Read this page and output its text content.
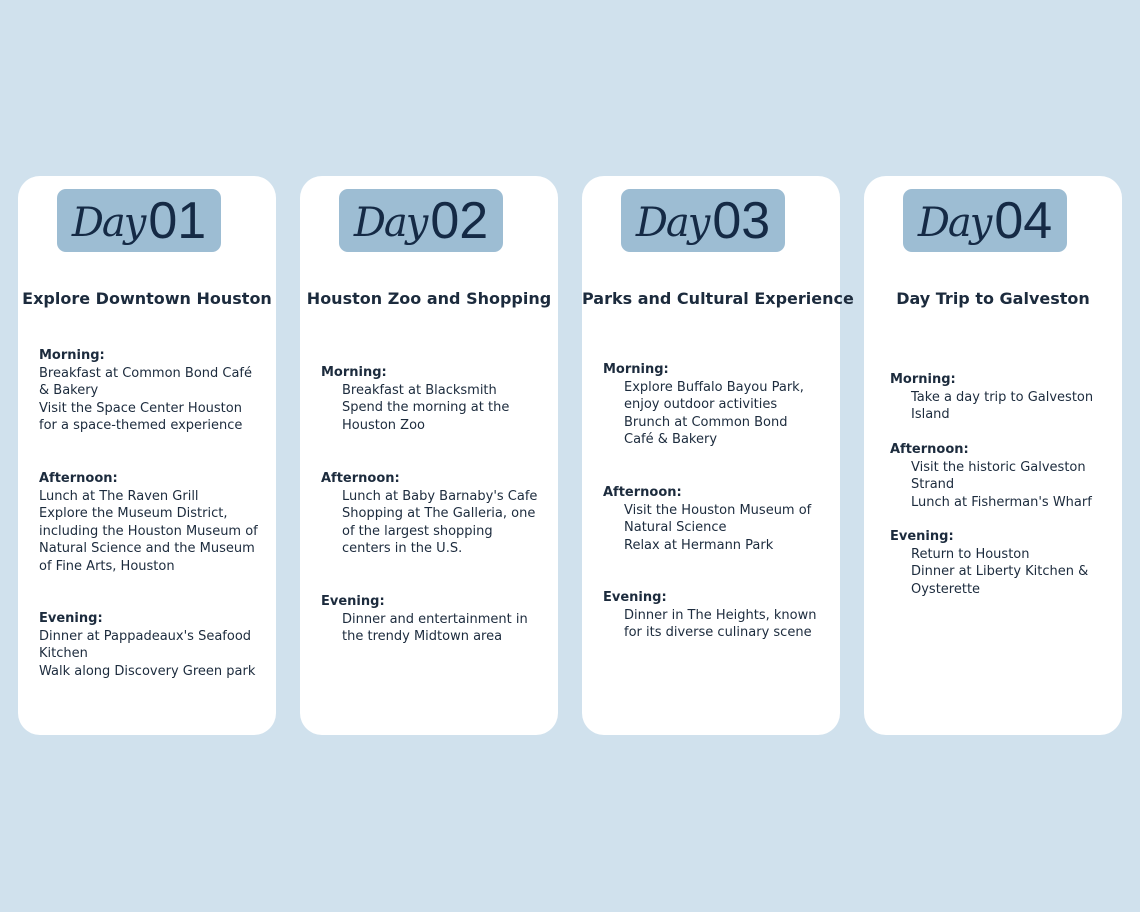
Day 01
Explore Downtown Houston
Morning:

Breakfast at Common Bond Café & Bakery

Visit the Space Center Houston for a space-themed experience

Afternoon:

Lunch at The Raven Grill

Explore the Museum District, including the Houston Museum of Natural Science and the Museum of Fine Arts, Houston

Evening:

Dinner at Pappadeaux's Seafood Kitchen

Walk along Discovery Green park

Day 02
Houston Zoo and Shopping
Morning:

Breakfast at Blacksmith

Spend the morning at the Houston Zoo

Afternoon:

Lunch at Baby Barnaby's Cafe

Shopping at The Galleria, one of the largest shopping centers in the U.S.

Evening:

Dinner and entertainment in the trendy Midtown area

Day 03
Parks and Cultural Experience
Morning:

Explore Buffalo Bayou Park, enjoy outdoor activities

Brunch at Common Bond Café & Bakery

Afternoon:

Visit the Houston Museum of Natural Science

Relax at Hermann Park

Evening:

Dinner in The Heights, known for its diverse culinary scene

Day 04
Day Trip to Galveston
Morning:

Take a day trip to Galveston Island

Afternoon:

Visit the historic Galveston Strand

Lunch at Fisherman's Wharf

Evening:

Return to Houston

Dinner at Liberty Kitchen & Oysterette
